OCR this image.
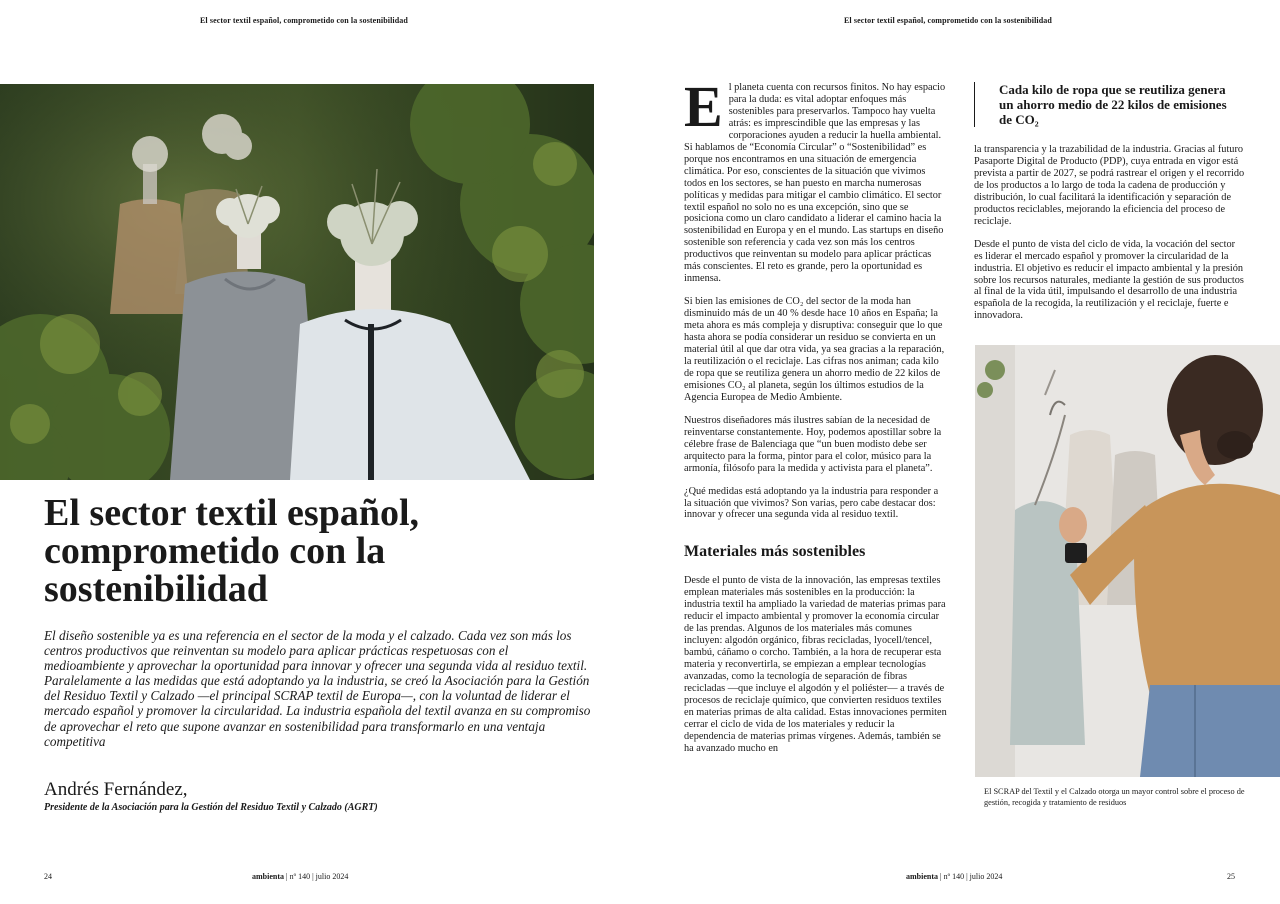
El sector textil español, comprometido con la sostenibilidad
El sector textil español, comprometido con la sostenibilidad

El diseño sostenible ya es una referencia en el sector de la moda y el calzado. Cada vez son más los centros productivos que reinventan su modelo para aplicar prácticas respetuosas con el medioambiente y aprovechar la oportunidad para innovar y ofrecer una segunda vida al residuo textil. Paralelamente a las medidas que está adoptando ya la industria, se creó la Asociación para la Gestión del Residuo Textil y Calzado —el principal SCRAP textil de Europa—, con la voluntad de liderar el mercado español y promover la circularidad. La industria española del textil avanza en su compromiso de aprovechar el reto que supone avanzar en sostenibilidad para transformarlo en una ventaja competitiva

Andrés Fernández,

Presidente de la Asociación para la Gestión del Residuo Textil y Calzado (AGRT)

24	ambienta | nº 140 | julio 2024
El sector textil español, comprometido con la sostenibilidad

El planeta cuenta con recursos finitos. No hay espacio para la duda: es vital adoptar enfoques más sostenibles para preservarlos. Tampoco hay vuelta atrás: es imprescindible que las empresas y las corporaciones ayuden a reducir la huella ambiental. Si hablamos de “Economía Circular” o “Sostenibilidad” es porque nos encontramos en una situación de emergencia climática. Por eso, conscientes de la situación que vivimos todos en los sectores, se han puesto en marcha numerosas políticas y medidas para mitigar el cambio climático. El sector textil español no solo no es una excepción, sino que se posiciona como un claro candidato a liderar el camino hacia la sostenibilidad en Europa y en el mundo. Las startups en diseño sostenible son referencia y cada vez son más los centros productivos que reinventan su modelo para aplicar prácticas más conscientes. El reto es grande, pero la oportunidad es inmensa.

Si bien las emisiones de CO₂ del sector de la moda han disminuido más de un 40 % desde hace 10 años en España; la meta ahora es más compleja y disruptiva: conseguir que lo que hasta ahora se podía considerar un residuo se convierta en un material útil al que dar otra vida, ya sea gracias a la reparación, la reutilización o el reciclaje. Las cifras nos animan; cada kilo de ropa que se reutiliza genera un ahorro medio de 22 kilos de emisiones CO₂ al planeta, según los últimos estudios de la Agencia Europea de Medio Ambiente.

Nuestros diseñadores más ilustres sabían de la necesidad de reinventarse constantemente. Hoy, podemos apostillar sobre la célebre frase de Balenciaga que “un buen modisto debe ser arquitecto para la forma, pintor para el color, músico para la armonía, filósofo para la medida y activista para el planeta”.

¿Qué medidas está adoptando ya la industria para responder a la situación que vivimos? Son varias, pero cabe destacar dos: innovar y ofrecer una segunda vida al residuo textil.

Materiales más sostenibles

Desde el punto de vista de la innovación, las empresas textiles emplean materiales más sostenibles en la producción: la industria textil ha ampliado la variedad de materias primas para reducir el impacto ambiental y promover la economía circular de las prendas. Algunos de los materiales más comunes incluyen: algodón orgánico, fibras recicladas, lyocell/tencel, bambú, cáñamo o corcho. También, a la hora de recuperar esta materia y reconvertirla, se empiezan a emplear tecnologías avanzadas, como la tecnología de separación de fibras recicladas —que incluye el algodón y el poliéster— a través de procesos de reciclaje químico, que convierten residuos textiles en materias primas de alta calidad. Estas innovaciones permiten cerrar el ciclo de vida de los materiales y reducir la dependencia de materias primas vírgenes. Además, también se ha avanzado mucho en

Cada kilo de ropa que se reutiliza genera un ahorro medio de 22 kilos de emisiones de CO₂

la transparencia y la trazabilidad de la industria. Gracias al futuro Pasaporte Digital de Producto (PDP), cuya entrada en vigor está prevista a partir de 2027, se podrá rastrear el origen y el recorrido de los productos a lo largo de toda la cadena de producción y distribución, lo cual facilitará la identificación y separación de productos reciclables, mejorando la eficiencia del proceso de reciclaje.

Desde el punto de vista del ciclo de vida, la vocación del sector es liderar el mercado español y promover la circularidad de la industria. El objetivo es reducir el impacto ambiental y la presión sobre los recursos naturales, mediante la gestión de sus productos al final de la vida útil, impulsando el desarrollo de una industria española de la recogida, la reutilización y el reciclaje, fuerte e innovadora.

El SCRAP del Textil y el Calzado otorga un mayor control sobre el proceso de gestión, recogida y tratamiento de residuos
ambienta | nº 140 | julio 2024	25
